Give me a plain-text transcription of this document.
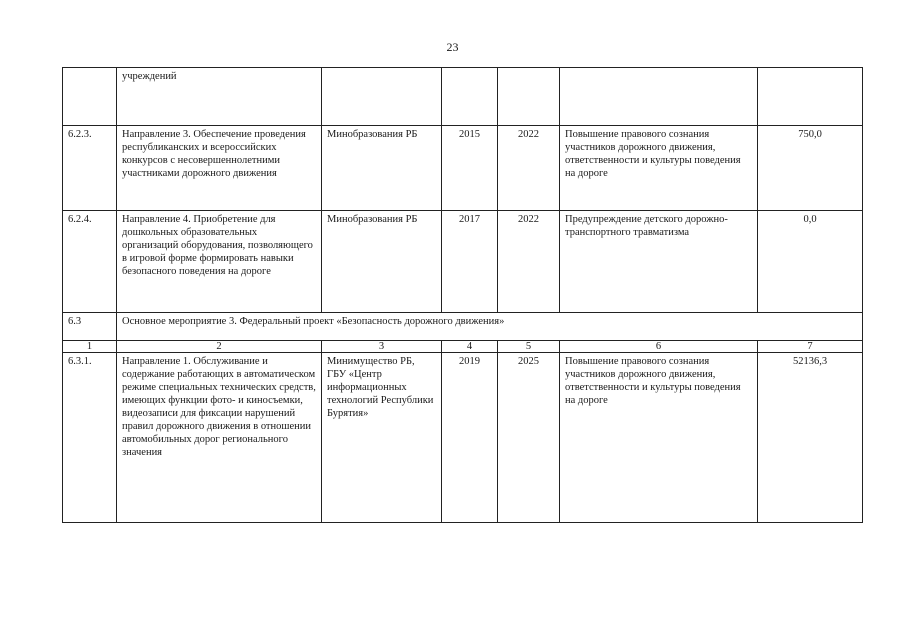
23
	учреждений					
6.2.3.	Направление 3. Обеспечение проведения республиканских и всероссийских конкурсов с несовершеннолетними участниками дорожного движения	Минобразования РБ	2015	2022	Повышение правового сознания участников дорожного движения, ответственности и культуры поведения на дороге	750,0
6.2.4.	Направление 4. Приобретение для дошкольных образовательных организаций оборудования, позволяющего в игровой форме формировать навыки безопасного поведения на дороге	Минобразования РБ	2017	2022	Предупреждение детского дорожно-транспортного травматизма	0,0
6.3	Основное мероприятие 3. Федеральный проект «Безопасность дорожного движения»					
1	2	3	4	5	6	7
6.3.1.	Направление 1. Обслуживание и содержание работающих в автоматическом режиме специальных технических средств, имеющих функции фото- и киносъемки, видеозаписи для фиксации нарушений правил дорожного движения в отношении автомобильных дорог регионального значения	Минимущество РБ, ГБУ «Центр информационных технологий Республики Бурятия»	2019	2025	Повышение правового сознания участников дорожного движения, ответственности и культуры поведения на дороге	52136,3
